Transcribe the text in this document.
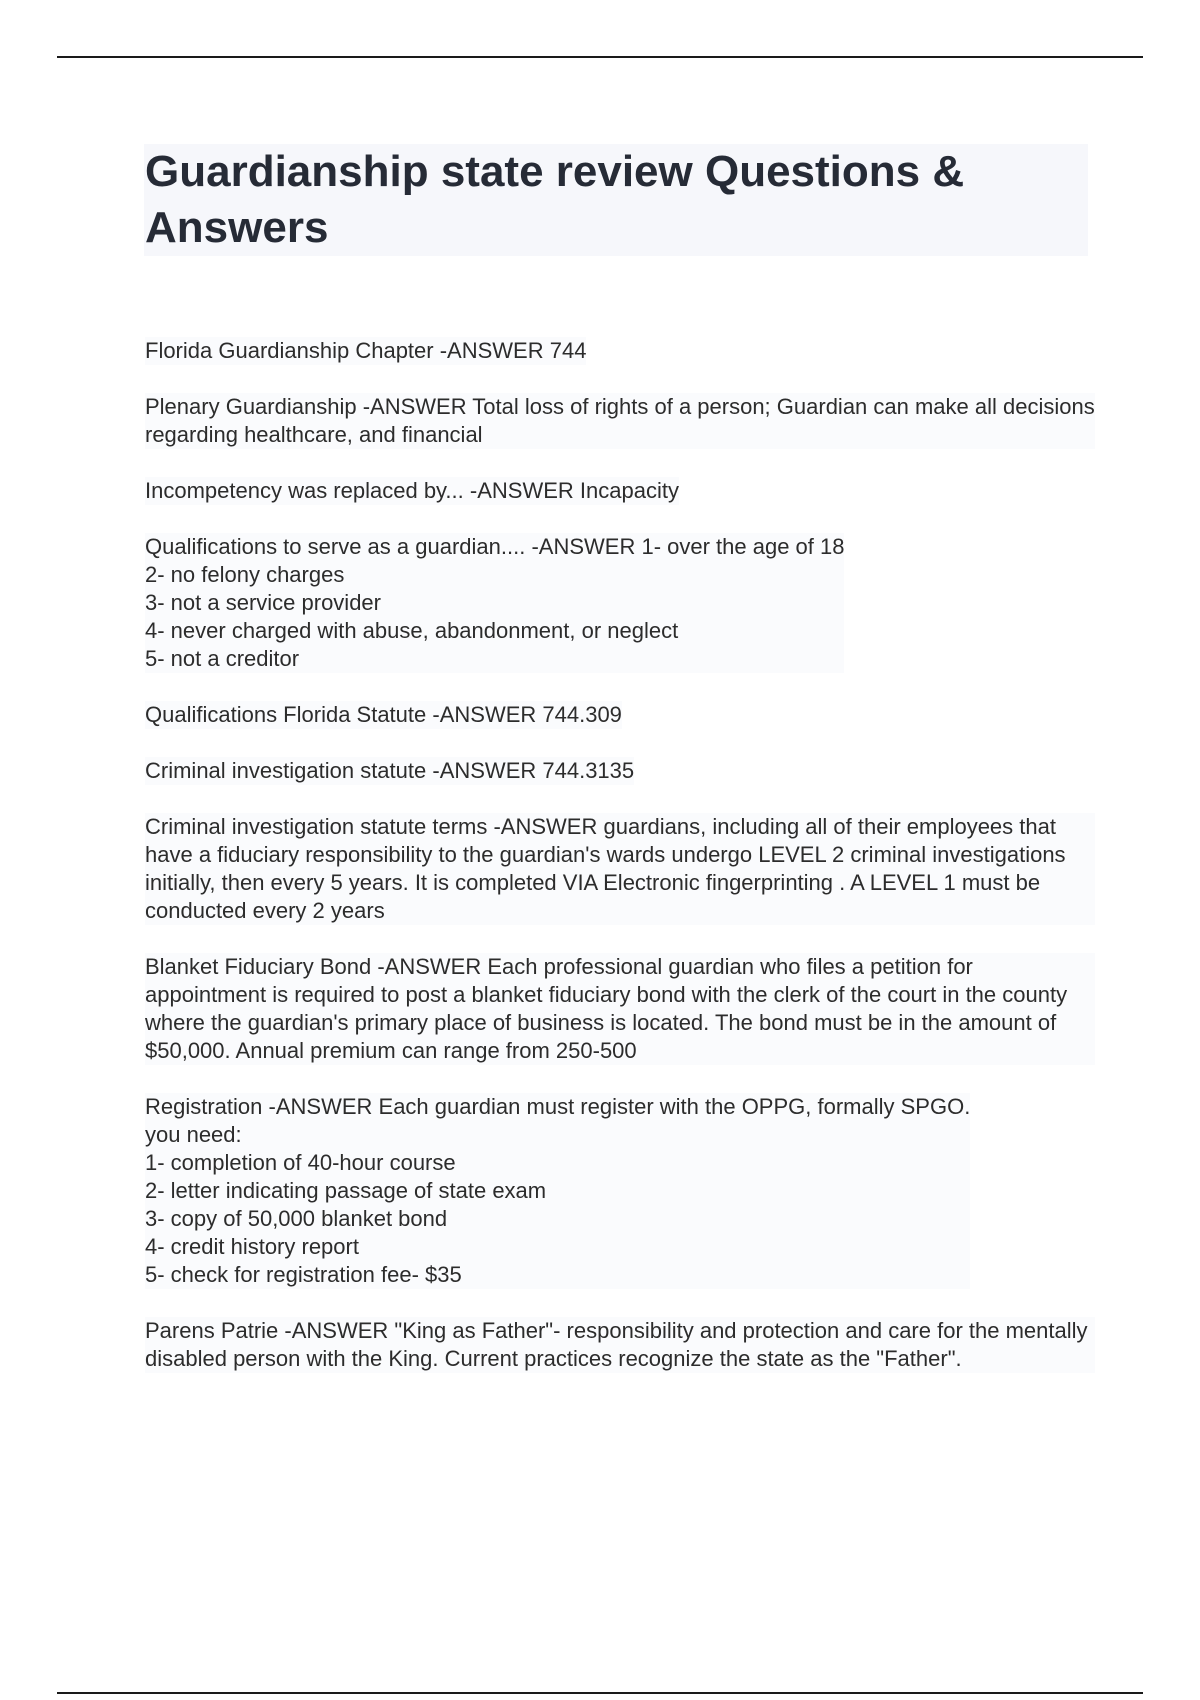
Guardianship state review Questions & Answers

Florida Guardianship Chapter -ANSWER 744

Plenary Guardianship -ANSWER Total loss of rights of a person; Guardian can make all decisions regarding healthcare, and financial

Incompetency was replaced by... -ANSWER Incapacity

Qualifications to serve as a guardian.... -ANSWER 1- over the age of 18
2- no felony charges
3- not a service provider
4- never charged with abuse, abandonment, or neglect
5- not a creditor

Qualifications Florida Statute -ANSWER 744.309

Criminal investigation statute -ANSWER 744.3135

Criminal investigation statute terms -ANSWER guardians, including all of their employees that have a fiduciary responsibility to the guardian's wards undergo LEVEL 2 criminal investigations initially, then every 5 years. It is completed VIA Electronic fingerprinting . A LEVEL 1 must be conducted every 2 years

Blanket Fiduciary Bond -ANSWER Each professional guardian who files a petition for appointment is required to post a blanket fiduciary bond with the clerk of the court in the county where the guardian's primary place of business is located. The bond must be in the amount of $50,000. Annual premium can range from 250-500

Registration -ANSWER Each guardian must register with the OPPG, formally SPGO.
you need:
1- completion of 40-hour course
2- letter indicating passage of state exam
3- copy of 50,000 blanket bond
4- credit history report
5- check for registration fee- $35

Parens Patrie -ANSWER "King as Father"- responsibility and protection and care for the mentally disabled person with the King. Current practices recognize the state as the "Father".
